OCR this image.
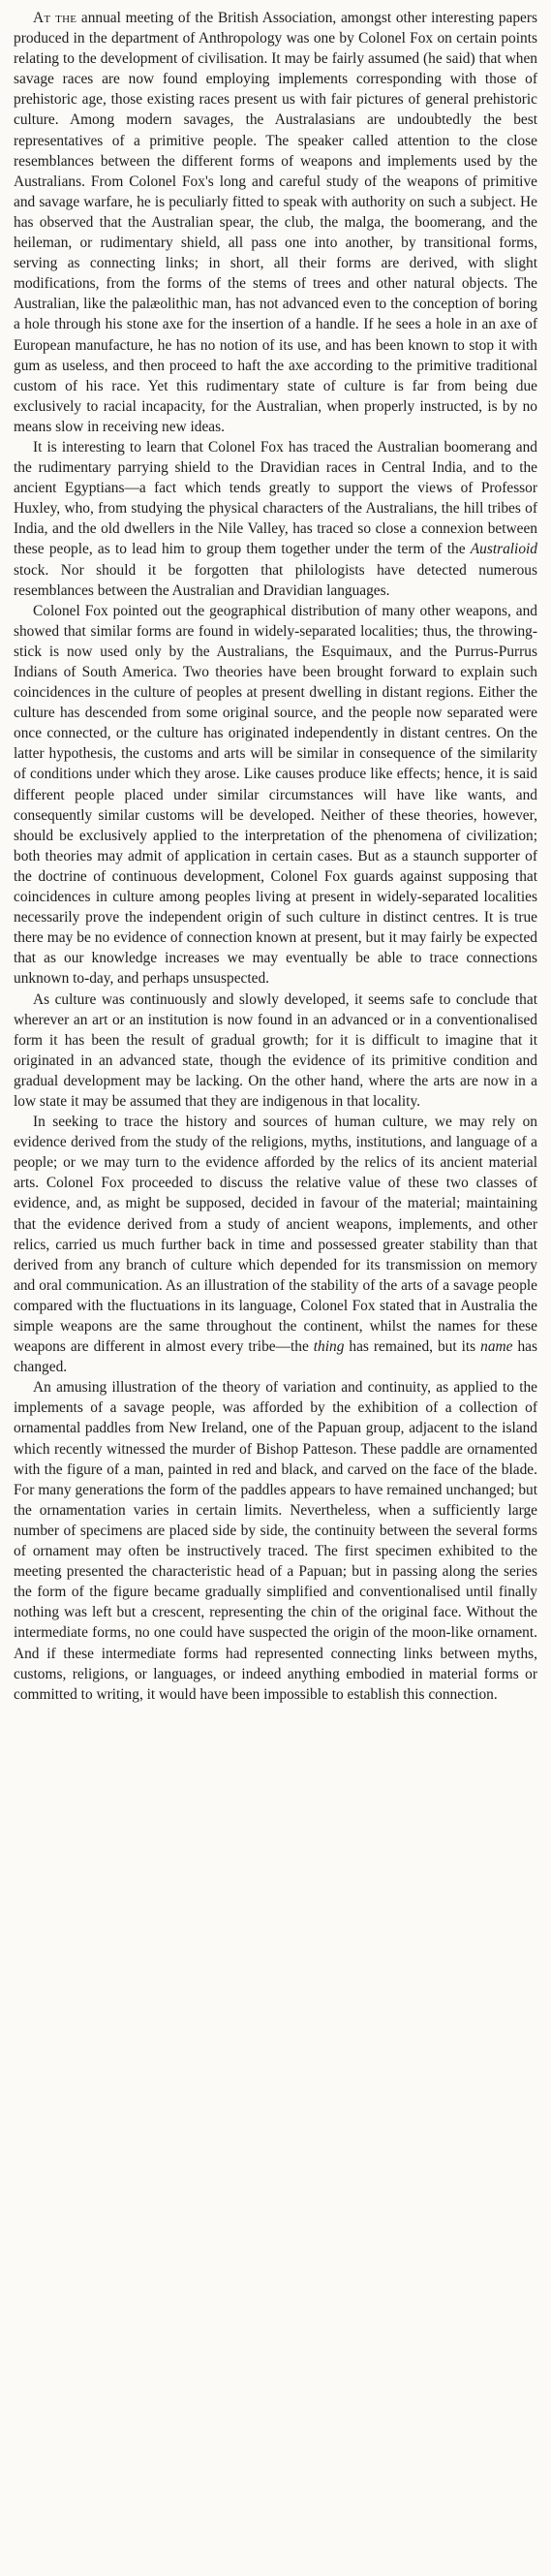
At the annual meeting of the British Association, amongst other interesting papers produced in the department of Anthropology was one by Colonel Fox on certain points relating to the development of civilisation. It may be fairly assumed (he said) that when savage races are now found employing implements corresponding with those of prehistoric age, those existing races present us with fair pictures of general prehistoric culture. Among modern savages, the Australasians are undoubtedly the best representatives of a primitive people. The speaker called attention to the close resemblances between the different forms of weapons and implements used by the Australians. From Colonel Fox's long and careful study of the weapons of primitive and savage warfare, he is peculiarly fitted to speak with authority on such a subject. He has observed that the Australian spear, the club, the malga, the boomerang, and the heileman, or rudimentary shield, all pass one into another, by transitional forms, serving as connecting links; in short, all their forms are derived, with slight modifications, from the forms of the stems of trees and other natural objects. The Australian, like the palæolithic man, has not advanced even to the conception of boring a hole through his stone axe for the insertion of a handle. If he sees a hole in an axe of European manufacture, he has no notion of its use, and has been known to stop it with gum as useless, and then proceed to haft the axe according to the primitive traditional custom of his race. Yet this rudimentary state of culture is far from being due exclusively to racial incapacity, for the Australian, when properly instructed, is by no means slow in receiving new ideas.

It is interesting to learn that Colonel Fox has traced the Australian boomerang and the rudimentary parrying shield to the Dravidian races in Central India, and to the ancient Egyptians—a fact which tends greatly to support the views of Professor Huxley, who, from studying the physical characters of the Australians, the hill tribes of India, and the old dwellers in the Nile Valley, has traced so close a connexion between these people, as to lead him to group them together under the term of the Australioid stock. Nor should it be forgotten that philologists have detected numerous resemblances between the Australian and Dravidian languages.

Colonel Fox pointed out the geographical distribution of many other weapons, and showed that similar forms are found in widely-separated localities; thus, the throwing-stick is now used only by the Australians, the Esquimaux, and the Purrus-Purrus Indians of South America. Two theories have been brought forward to explain such coincidences in the culture of peoples at present dwelling in distant regions. Either the culture has descended from some original source, and the people now separated were once connected, or the culture has originated independently in distant centres. On the latter hypothesis, the customs and arts will be similar in consequence of the similarity of conditions under which they arose. Like causes produce like effects; hence, it is said different people placed under similar circumstances will have like wants, and consequently similar customs will be developed. Neither of these theories, however, should be exclusively applied to the interpretation of the phenomena of civilization; both theories may admit of application in certain cases. But as a staunch supporter of the doctrine of continuous development, Colonel Fox guards against supposing that coincidences in culture among peoples living at present in widely-separated localities necessarily prove the independent origin of such culture in distinct centres. It is true there may be no evidence of connection known at present, but it may fairly be expected that as our knowledge increases we may eventually be able to trace connections unknown to-day, and perhaps unsuspected.

As culture was continuously and slowly developed, it seems safe to conclude that wherever an art or an institution is now found in an advanced or in a conventionalised form it has been the result of gradual growth; for it is difficult to imagine that it originated in an advanced state, though the evidence of its primitive condition and gradual development may be lacking. On the other hand, where the arts are now in a low state it may be assumed that they are indigenous in that locality.

In seeking to trace the history and sources of human culture, we may rely on evidence derived from the study of the religions, myths, institutions, and language of a people; or we may turn to the evidence afforded by the relics of its ancient material arts. Colonel Fox proceeded to discuss the relative value of these two classes of evidence, and, as might be supposed, decided in favour of the material; maintaining that the evidence derived from a study of ancient weapons, implements, and other relics, carried us much further back in time and possessed greater stability than that derived from any branch of culture which depended for its transmission on memory and oral communication. As an illustration of the stability of the arts of a savage people compared with the fluctuations in its language, Colonel Fox stated that in Australia the simple weapons are the same throughout the continent, whilst the names for these weapons are different in almost every tribe—the thing has remained, but its name has changed.

An amusing illustration of the theory of variation and continuity, as applied to the implements of a savage people, was afforded by the exhibition of a collection of ornamental paddles from New Ireland, one of the Papuan group, adjacent to the island which recently witnessed the murder of Bishop Patteson. These paddle are ornamented with the figure of a man, painted in red and black, and carved on the face of the blade. For many generations the form of the paddles appears to have remained unchanged; but the ornamentation varies in certain limits. Nevertheless, when a sufficiently large number of specimens are placed side by side, the continuity between the several forms of ornament may often be instructively traced. The first specimen exhibited to the meeting presented the characteristic head of a Papuan; but in passing along the series the form of the figure became gradually simplified and conventionalised until finally nothing was left but a crescent, representing the chin of the original face. Without the intermediate forms, no one could have suspected the origin of the moon-like ornament. And if these intermediate forms had represented connecting links between myths, customs, religions, or languages, or indeed anything embodied in material forms or committed to writing, it would have been impossible to establish this connection.
